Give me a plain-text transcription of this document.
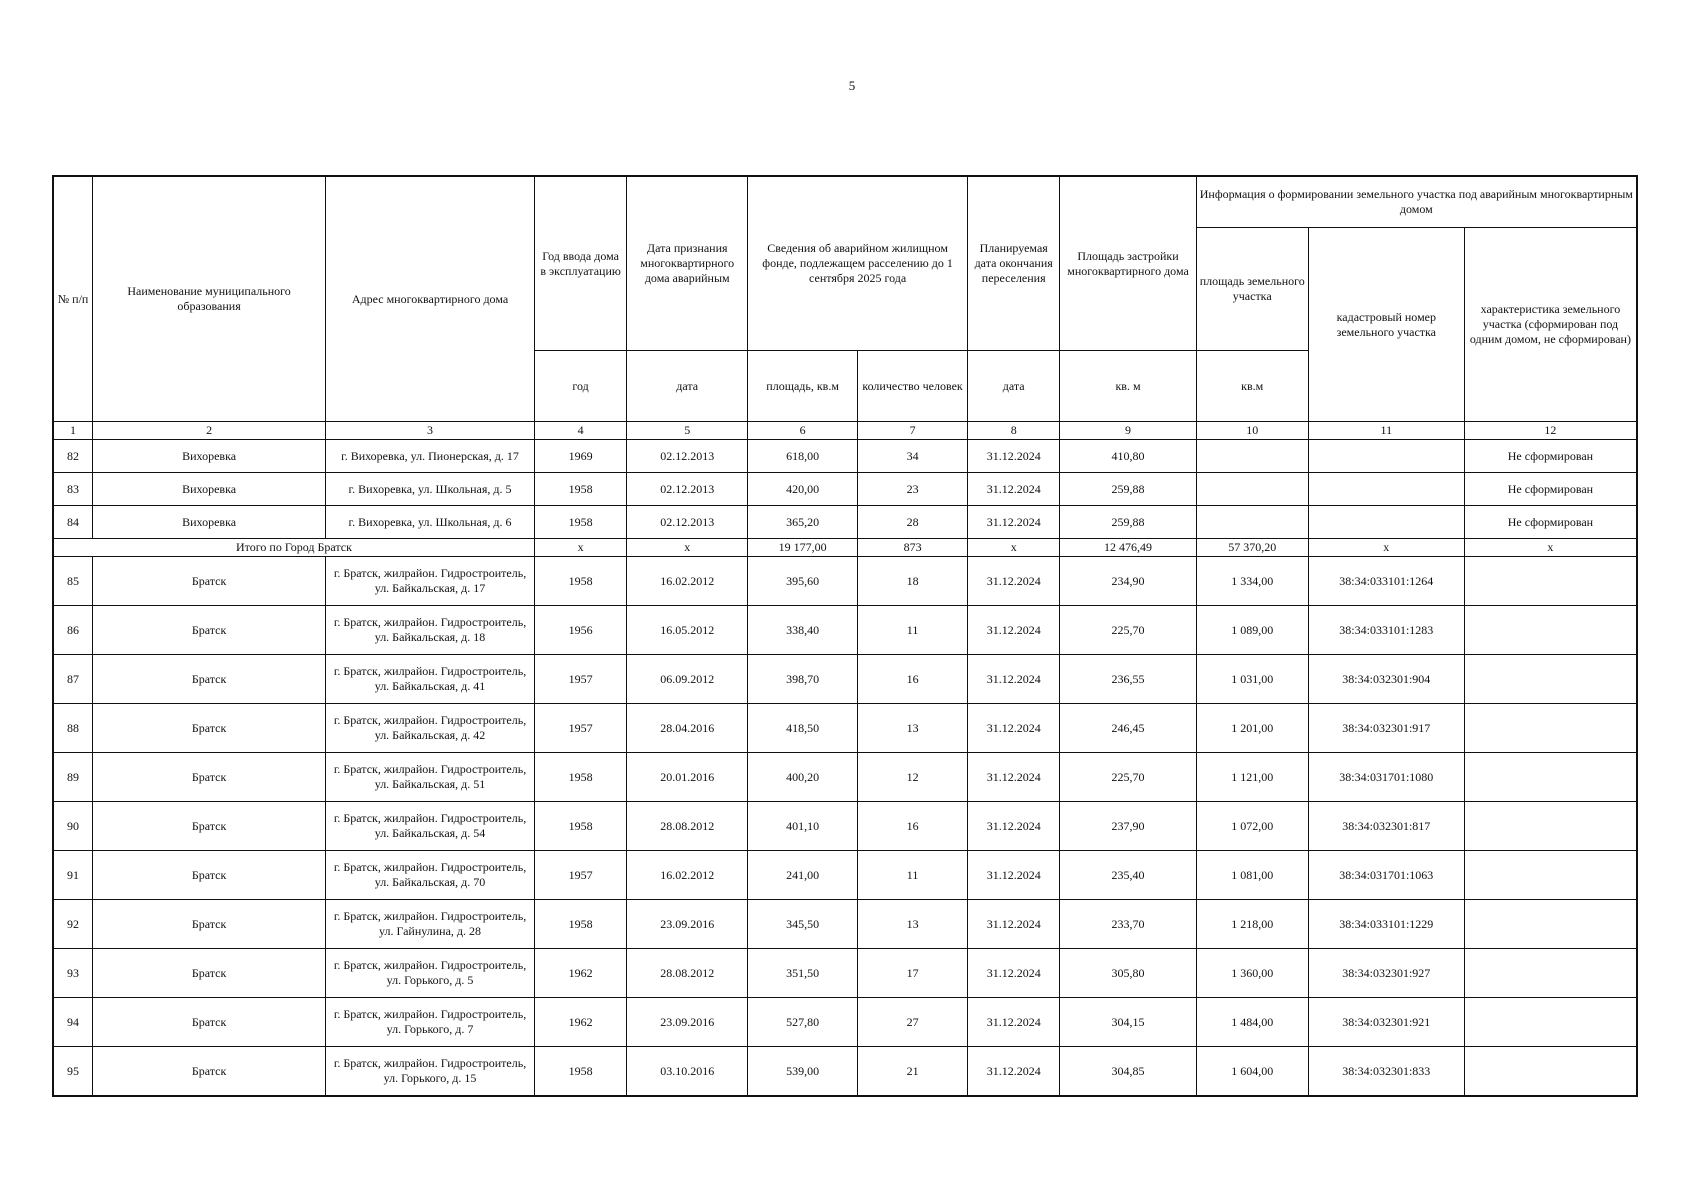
5
№ п/п	Наименование муниципального образования	Адрес многоквартирного дома	Год ввода дома в эксплуатацию	Дата признания многоквартирного дома аварийным	Сведения об аварийном жилищном фонде, подлежащем расселению до 1 сентября 2025 года		Планируемая дата окончания переселения	Площадь застройки многоквартирного дома	Информация о формировании земельного участка под аварийным многоквартирным домом		
									площадь земельного участка	кадастровый номер земельного участка	характеристика земельного участка (сформирован под одним домом, не сформирован)
			год	дата	площадь, кв.м	количество человек	дата	кв. м	кв.м		
1	2	3	4	5	6	7	8	9	10	11	12
82	Вихоревка	г. Вихоревка, ул. Пионерская, д. 17	1969	02.12.2013	618,00	34	31.12.2024	410,80			Не сформирован
83	Вихоревка	г. Вихоревка, ул. Школьная, д. 5	1958	02.12.2013	420,00	23	31.12.2024	259,88			Не сформирован
84	Вихоревка	г. Вихоревка, ул. Школьная, д. 6	1958	02.12.2013	365,20	28	31.12.2024	259,88			Не сформирован
Итого по Город Братск			х	х	19 177,00	873	х	12 476,49	57 370,20	х	х
85	Братск	г. Братск, жилрайон. Гидростроитель, ул. Байкальская, д. 17	1958	16.02.2012	395,60	18	31.12.2024	234,90	1 334,00	38:34:033101:1264	
86	Братск	г. Братск, жилрайон. Гидростроитель, ул. Байкальская, д. 18	1956	16.05.2012	338,40	11	31.12.2024	225,70	1 089,00	38:34:033101:1283	
87	Братск	г. Братск, жилрайон. Гидростроитель, ул. Байкальская, д. 41	1957	06.09.2012	398,70	16	31.12.2024	236,55	1 031,00	38:34:032301:904	
88	Братск	г. Братск, жилрайон. Гидростроитель, ул. Байкальская, д. 42	1957	28.04.2016	418,50	13	31.12.2024	246,45	1 201,00	38:34:032301:917	
89	Братск	г. Братск, жилрайон. Гидростроитель, ул. Байкальская, д. 51	1958	20.01.2016	400,20	12	31.12.2024	225,70	1 121,00	38:34:031701:1080	
90	Братск	г. Братск, жилрайон. Гидростроитель, ул. Байкальская, д. 54	1958	28.08.2012	401,10	16	31.12.2024	237,90	1 072,00	38:34:032301:817	
91	Братск	г. Братск, жилрайон. Гидростроитель, ул. Байкальская, д. 70	1957	16.02.2012	241,00	11	31.12.2024	235,40	1 081,00	38:34:031701:1063	
92	Братск	г. Братск, жилрайон. Гидростроитель, ул. Гайнулина, д. 28	1958	23.09.2016	345,50	13	31.12.2024	233,70	1 218,00	38:34:033101:1229	
93	Братск	г. Братск, жилрайон. Гидростроитель, ул. Горького, д. 5	1962	28.08.2012	351,50	17	31.12.2024	305,80	1 360,00	38:34:032301:927	
94	Братск	г. Братск, жилрайон. Гидростроитель, ул. Горького, д. 7	1962	23.09.2016	527,80	27	31.12.2024	304,15	1 484,00	38:34:032301:921	
95	Братск	г. Братск, жилрайон. Гидростроитель, ул. Горького, д. 15	1958	03.10.2016	539,00	21	31.12.2024	304,85	1 604,00	38:34:032301:833	
